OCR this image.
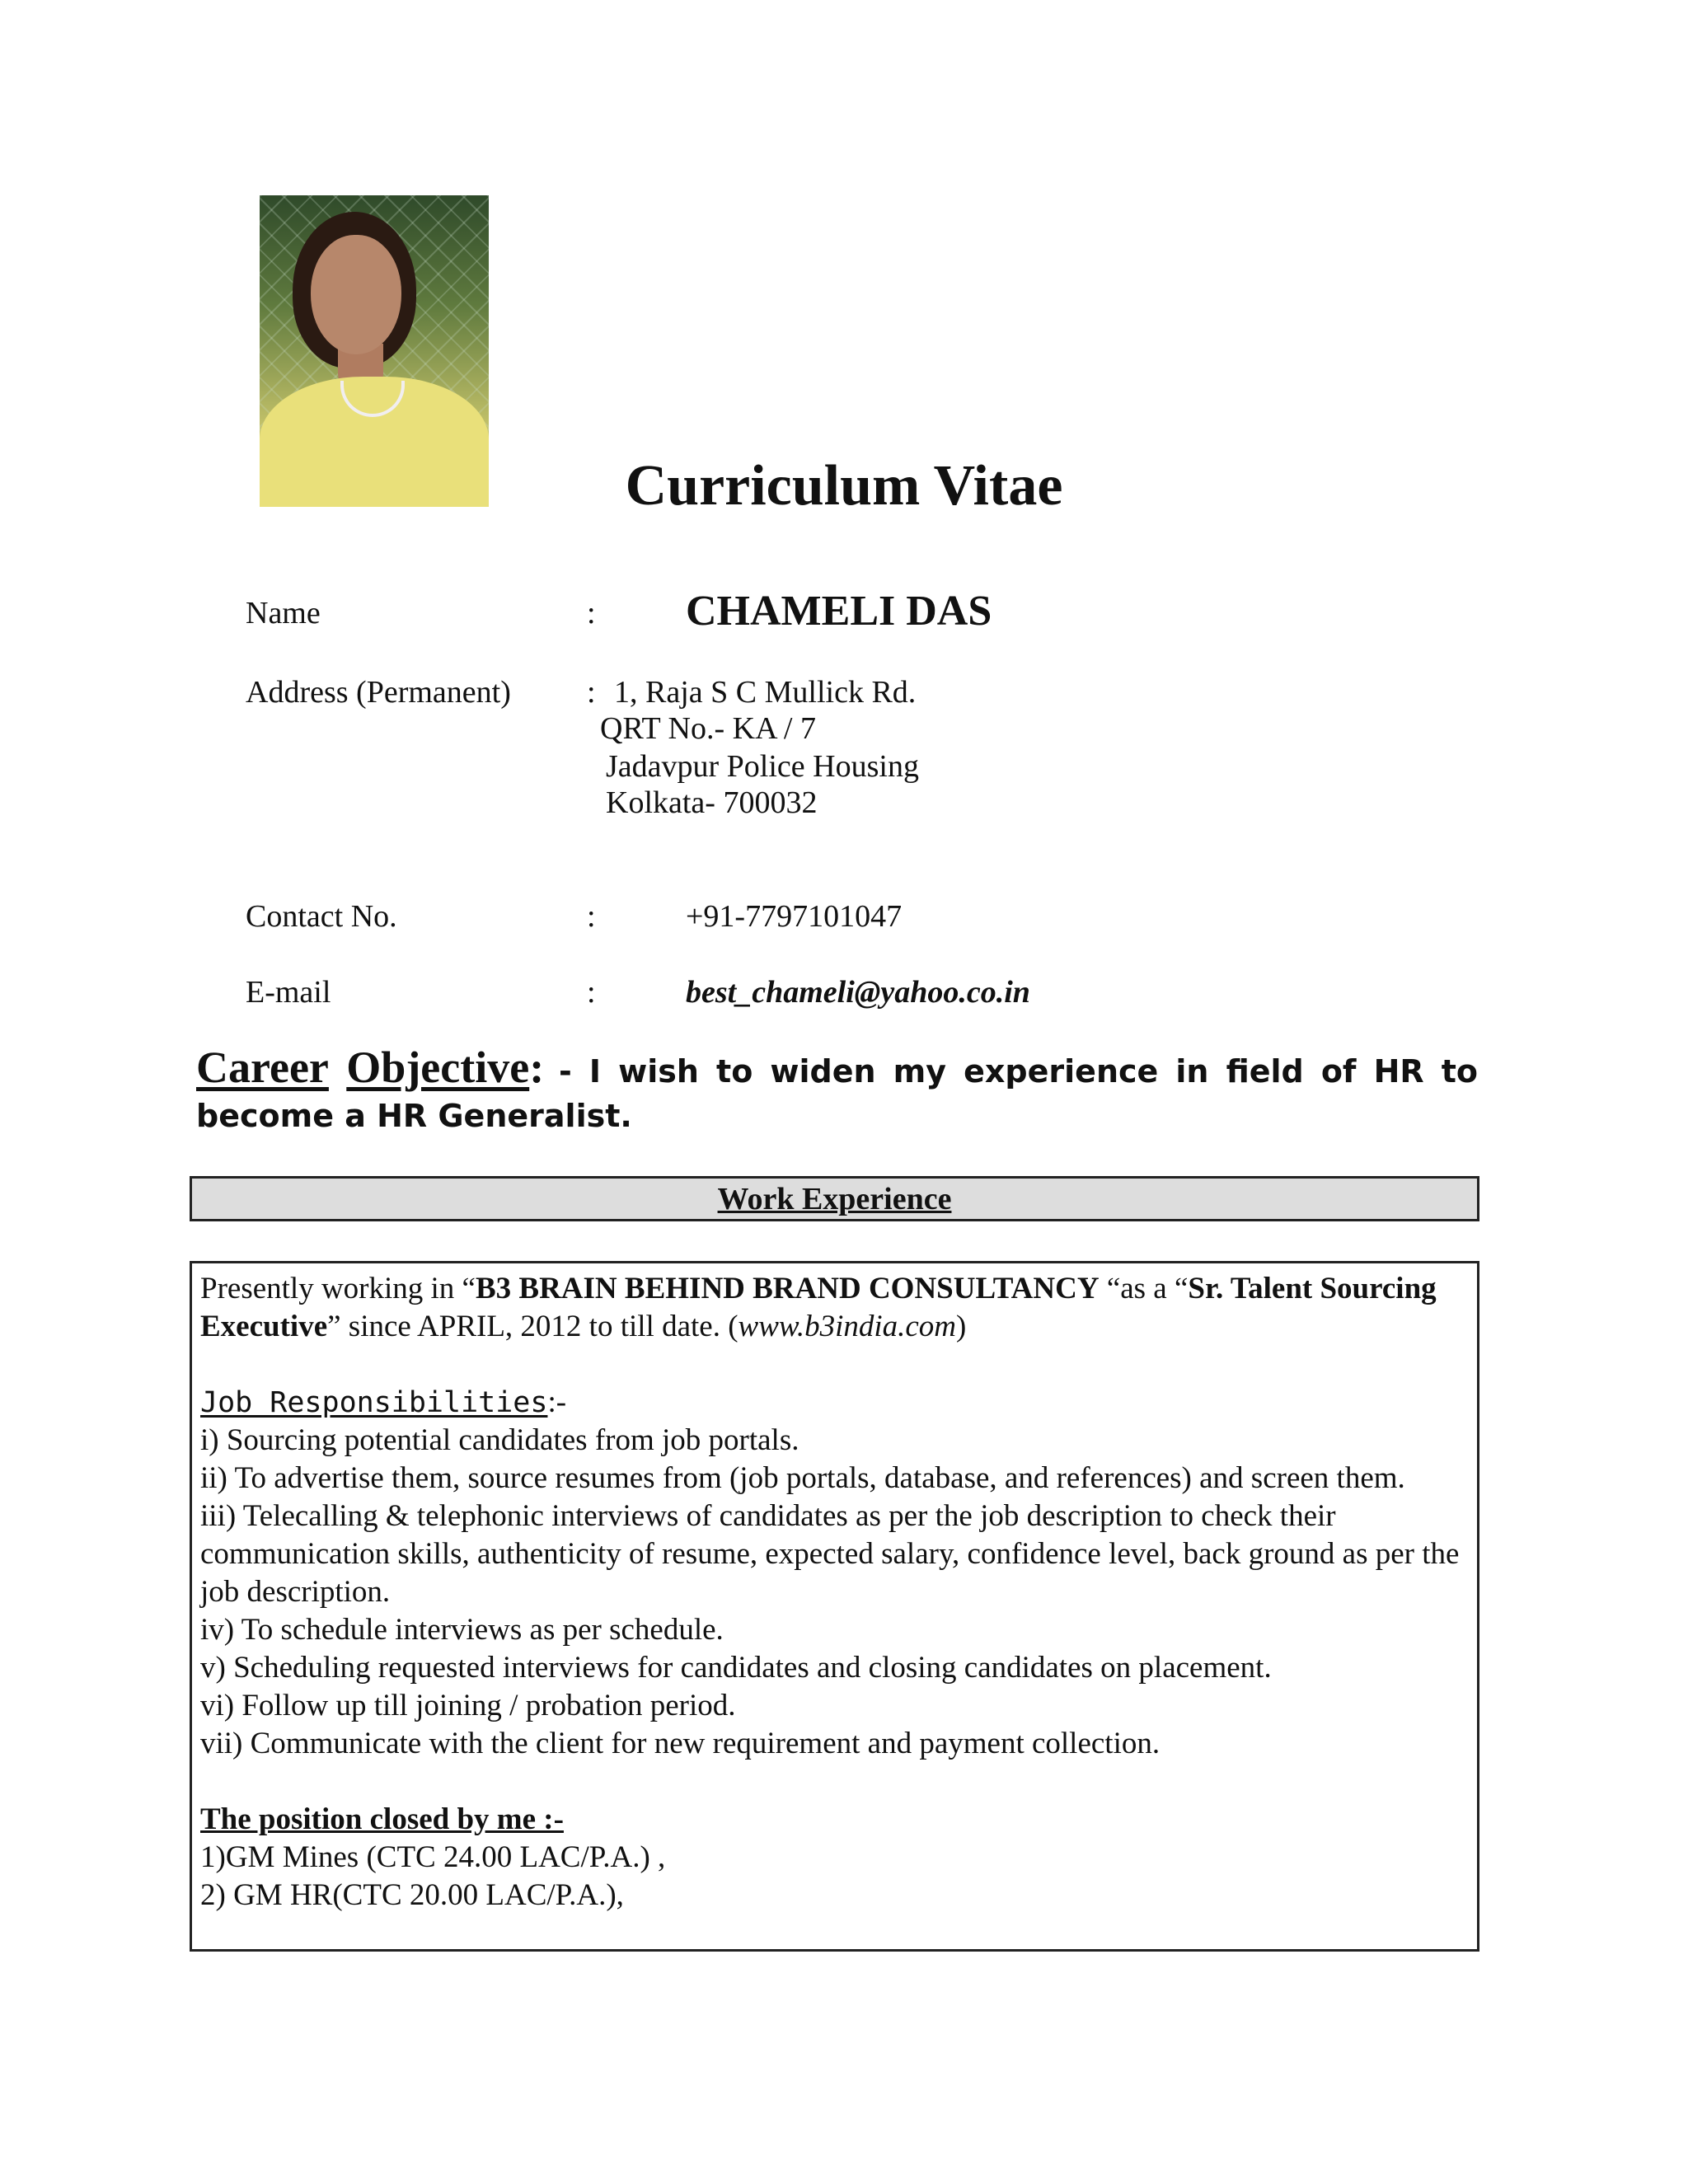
Curriculum Vitae
Name	: CHAMELI DAS
Address (Permanent) : 1, Raja S C Mullick Rd.
QRT No.- KA / 7
Jadavpur Police Housing
Kolkata- 700032
Contact No.	:	+91-7797101047
E-mail	:	best_chameli@yahoo.co.in
Career Objective: - I wish to widen my experience in field of HR to become a HR Generalist.
Work Experience

Presently working in “B3 BRAIN BEHIND BRAND CONSULTANCY “as a “Sr. Talent Sourcing Executive” since APRIL, 2012 to till date. (www.b3india.com)

Job Responsibilities:-

i) Sourcing potential candidates from job portals.

ii) To advertise them, source resumes from (job portals, database, and references) and screen them.

iii) Telecalling & telephonic interviews of candidates as per the job description to check their communication skills, authenticity of resume, expected salary, confidence level, back ground as per the job description.

iv) To schedule interviews as per schedule.

v) Scheduling requested interviews for candidates and closing candidates on placement.

vi) Follow up till joining / probation period.

vii) Communicate with the client for new requirement and payment collection.

The position closed by me :-

1)GM Mines (CTC 24.00 LAC/P.A.) ,

2) GM HR(CTC 20.00 LAC/P.A.),
